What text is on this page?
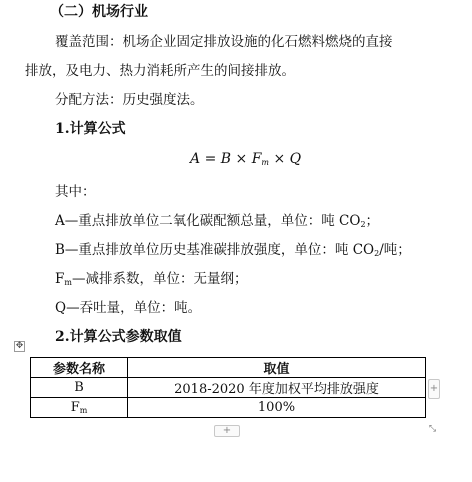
（二）机场行业
覆盖范围：机场企业固定排放设施的化石燃料燃烧的直接
排放，及电力、热力消耗所产生的间接排放。
分配方法：历史强度法。
1.计算公式
$A = B \times F_m \times Q$
其中：
A—重点排放单位二氧化碳配额总量，单位：吨 $CO_2$；
B—重点排放单位历史基准碳排放强度，单位：吨 $CO_2/$吨；
$F_m—$减排系数，单位：无量纲；
Q—吞吐量，单位：吨。
2.计算公式参数取值
✥
参数名称	取值
B	2018-2020 年度加权平均排放强度
$F_m$	100%
+
+	⤡
